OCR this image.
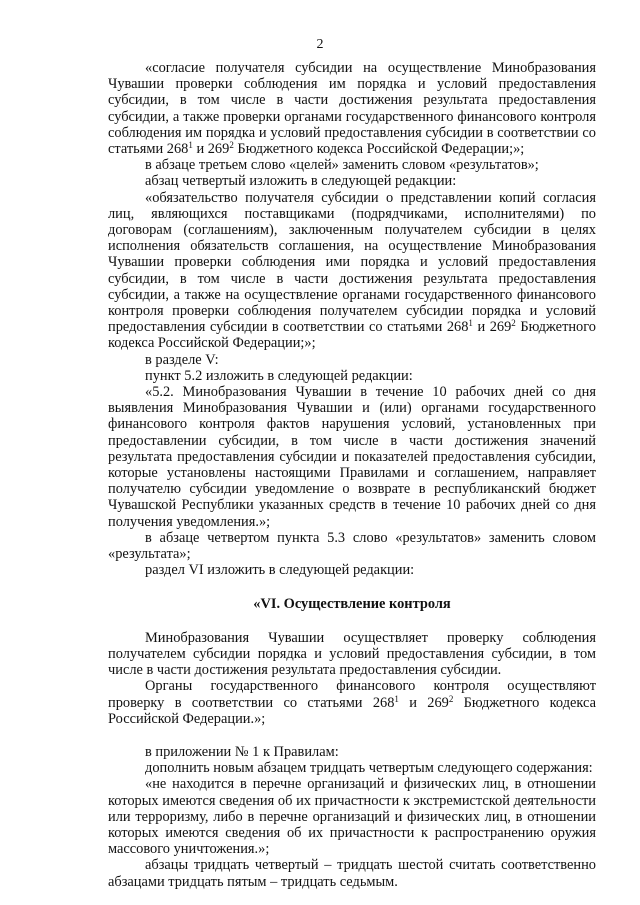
2

«согласие получателя субсидии на осуществление Минобразования Чувашии проверки соблюдения им порядка и условий предоставления субсидии, в том числе в части достижения результата предоставления субсидии, а также проверки органами государственного финансового контроля соблюдения им порядка и условий предоставления субсидии в соответствии со статьями $268^1$ и $269^2$ Бюджетного кодекса Российской Федерации;»;

в абзаце третьем слово «целей» заменить словом «результатов»;

абзац четвертый изложить в следующей редакции:

«обязательство получателя субсидии о представлении копий согласия лиц, являющихся поставщиками (подрядчиками, исполнителями) по договорам (соглашениям), заключенным получателем субсидии в целях исполнения обязательств соглашения, на осуществление Минобразования Чувашии проверки соблюдения ими порядка и условий предоставления субсидии, в том числе в части достижения результата предоставления субсидии, а также на осуществление органами государственного финансового контроля проверки соблюдения получателем субсидии порядка и условий предоставления субсидии в соответствии со статьями $268^1$ и $269^2$ Бюджетного кодекса Российской Федерации;»;

в разделе V:

пункт 5.2 изложить в следующей редакции:

«5.2. Минобразования Чувашии в течение 10 рабочих дней со дня выявления Минобразования Чувашии и (или) органами государственного финансового контроля фактов нарушения условий, установленных при предоставлении субсидии, в том числе в части достижения значений результата предоставления субсидии и показателей предоставления субсидии, которые установлены настоящими Правилами и соглашением, направляет получателю субсидии уведомление о возврате в республиканский бюджет Чувашской Республики указанных средств в течение 10 рабочих дней со дня получения уведомления.»;

в абзаце четвертом пункта 5.3 слово «результатов» заменить словом «результата»;

раздел VI изложить в следующей редакции:

«VI. Осуществление контроля

Минобразования Чувашии осуществляет проверку соблюдения получателем субсидии порядка и условий предоставления субсидии, в том числе в части достижения результата предоставления субсидии.

Органы государственного финансового контроля осуществляют проверку в соответствии со статьями $268^1$ и $269^2$ Бюджетного кодекса Российской Федерации.»;

в приложении № 1 к Правилам:

дополнить новым абзацем тридцать четвертым следующего содержания:

«не находится в перечне организаций и физических лиц, в отношении которых имеются сведения об их причастности к экстремистской деятельности или терроризму, либо в перечне организаций и физических лиц, в отношении которых имеются сведения об их причастности к распространению оружия массового уничтожения.»;

абзацы тридцать четвертый – тридцать шестой считать соответственно абзацами тридцать пятым – тридцать седьмым.
